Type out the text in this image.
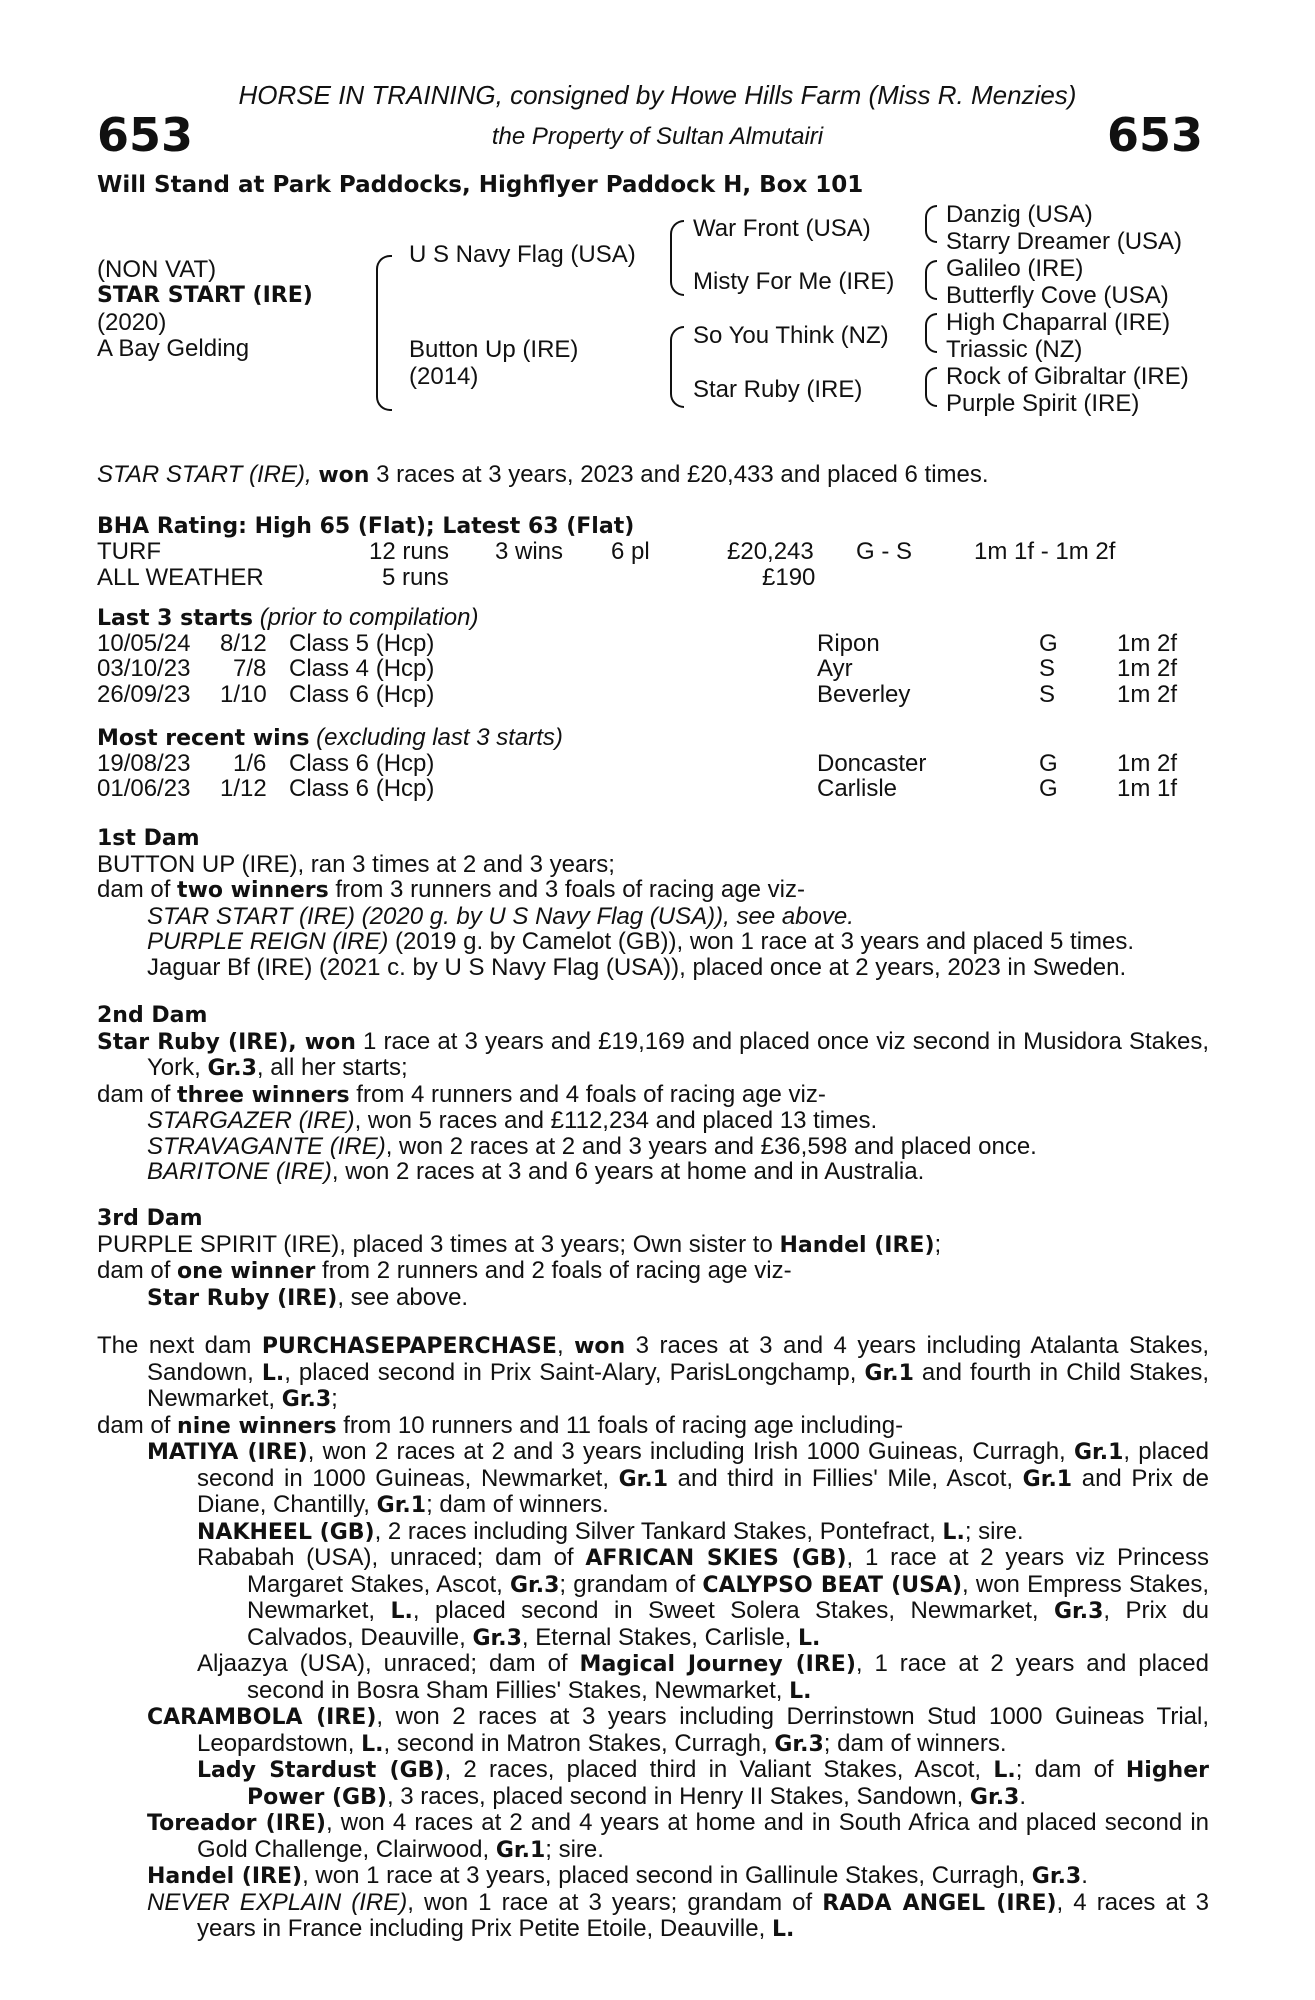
653	653
HORSE IN TRAINING, consigned by Howe Hills Farm (Miss R. Menzies)
the Property of Sultan Almutairi
Will Stand at Park Paddocks, Highflyer Paddock H, Box 101
(NON VAT)
STAR START (IRE)
(2020)
A Bay Gelding
U S Navy Flag (USA)
Button Up (IRE)
(2014)
War Front (USA)
Misty For Me (IRE)
So You Think (NZ)
Star Ruby (IRE)
Danzig (USA)
Starry Dreamer (USA)
Galileo (IRE)
Butterfly Cove (USA)
High Chaparral (IRE)
Triassic (NZ)
Rock of Gibraltar (IRE)
Purple Spirit (IRE)
STAR START (IRE), won 3 races at 3 years, 2023 and £20,433 and placed 6 times.
BHA Rating: High 65 (Flat); Latest 63 (Flat)
TURF	12 runs 3 wins 6 pl	£20,243 G - S	1m 1f - 1m 2f
ALL WEATHER	5 runs	£190
Last 3 starts (prior to compilation)
10/05/24 8/12 Class 5 (Hcp)	Ripon	G 1m 2f
03/10/23 7/8 Class 4 (Hcp)	Ayr	S	1m 2f
26/09/23 1/10 Class 6 (Hcp)	Beverley	S	1m 2f
Most recent wins (excluding last 3 starts)
19/08/23 1/6 Class 6 (Hcp)	Doncaster	G 1m 2f
01/06/23 1/12 Class 6 (Hcp)	Carlisle	G 1m 1f
1st Dam
BUTTON UP (IRE), ran 3 times at 2 and 3 years;
dam of two winners from 3 runners and 3 foals of racing age viz-
STAR START (IRE) (2020 g. by U S Navy Flag (USA)), see above.
PURPLE REIGN (IRE) (2019 g. by Camelot (GB)), won 1 race at 3 years and placed 5 times.
Jaguar Bf (IRE) (2021 c. by U S Navy Flag (USA)), placed once at 2 years, 2023 in Sweden.
2nd Dam
Star Ruby (IRE), won 1 race at 3 years and £19,169 and placed once viz second in Musidora Stakes, York, Gr.3, all her starts;
dam of three winners from 4 runners and 4 foals of racing age viz-
STARGAZER (IRE), won 5 races and £112,234 and placed 13 times.
STRAVAGANTE (IRE), won 2 races at 2 and 3 years and £36,598 and placed once.
BARITONE (IRE), won 2 races at 3 and 6 years at home and in Australia.
3rd Dam
PURPLE SPIRIT (IRE), placed 3 times at 3 years; Own sister to Handel (IRE);
dam of one winner from 2 runners and 2 foals of racing age viz-
Star Ruby (IRE), see above.
The next dam PURCHASEPAPERCHASE, won 3 races at 3 and 4 years including Atalanta Stakes, Sandown, L., placed second in Prix Saint-Alary, ParisLongchamp, Gr.1 and fourth in Child Stakes, Newmarket, Gr.3;
dam of nine winners from 10 runners and 11 foals of racing age including-
MATIYA (IRE), won 2 races at 2 and 3 years including Irish 1000 Guineas, Curragh, Gr.1, placed second in 1000 Guineas, Newmarket, Gr.1 and third in Fillies' Mile, Ascot, Gr.1 and Prix de Diane, Chantilly, Gr.1; dam of winners.
NAKHEEL (GB), 2 races including Silver Tankard Stakes, Pontefract, L.; sire.
Rababah (USA), unraced; dam of AFRICAN SKIES (GB), 1 race at 2 years viz Princess Margaret Stakes, Ascot, Gr.3; grandam of CALYPSO BEAT (USA), won Empress Stakes, Newmarket, L., placed second in Sweet Solera Stakes, Newmarket, Gr.3, Prix du Calvados, Deauville, Gr.3, Eternal Stakes, Carlisle, L.
Aljaazya (USA), unraced; dam of Magical Journey (IRE), 1 race at 2 years and placed second in Bosra Sham Fillies' Stakes, Newmarket, L.
CARAMBOLA (IRE), won 2 races at 3 years including Derrinstown Stud 1000 Guineas Trial, Leopardstown, L., second in Matron Stakes, Curragh, Gr.3; dam of winners.
Lady Stardust (GB), 2 races, placed third in Valiant Stakes, Ascot, L.; dam of Higher Power (GB), 3 races, placed second in Henry II Stakes, Sandown, Gr.3.
Toreador (IRE), won 4 races at 2 and 4 years at home and in South Africa and placed second in Gold Challenge, Clairwood, Gr.1; sire.
Handel (IRE), won 1 race at 3 years, placed second in Gallinule Stakes, Curragh, Gr.3.
NEVER EXPLAIN (IRE), won 1 race at 3 years; grandam of RADA ANGEL (IRE), 4 races at 3 years in France including Prix Petite Etoile, Deauville, L.
